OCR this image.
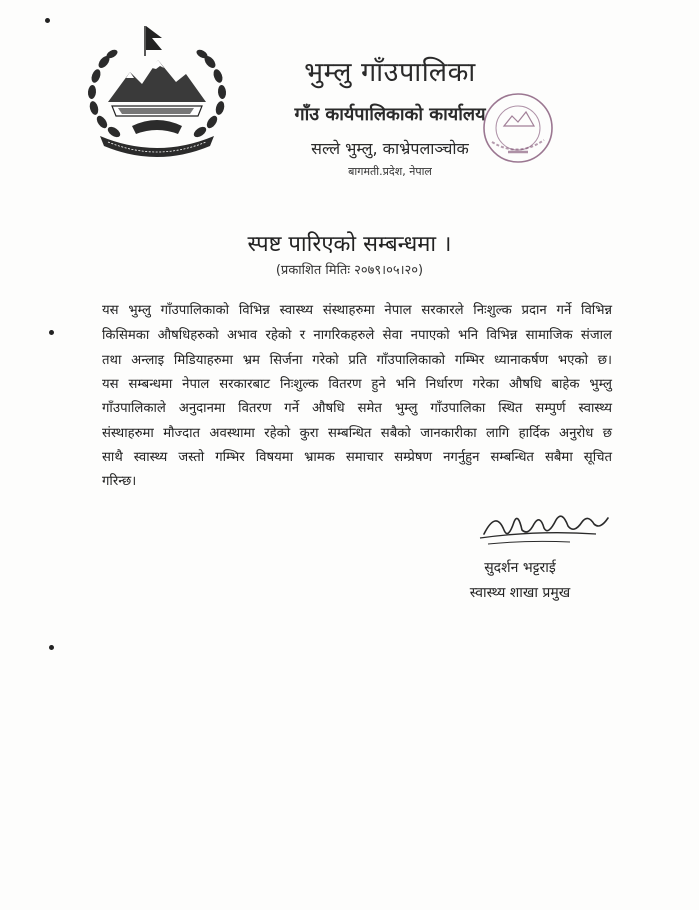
भुम्लु गाँउपालिका
गाँउ कार्यपालिकाको कार्यालय
सल्ले भुम्लु, काभ्रेपलाञ्चोक
बागमती.प्रदेश, नेपाल
स्पष्ट पारिएको सम्बन्धमा ।
(प्रकाशित मितिः २०७९।०५।२०)
यस भुम्लु गाँउपालिकाको विभिन्न स्वास्थ्य संस्थाहरुमा नेपाल सरकारले निःशुल्क प्रदान गर्ने विभिन्न
किसिमका औषधिहरुको अभाव रहेको र नागरिकहरुले सेवा नपाएको भनि विभिन्न सामाजिक संजाल
तथा अन्लाइ मिडियाहरुमा भ्रम सिर्जना गरेको प्रति गाँउपालिकाको गम्भिर ध्यानाकर्षण भएको छ।
यस सम्बन्धमा नेपाल सरकारबाट निःशुल्क वितरण हुने भनि निर्धारण गरेका औषधि बाहेक भुम्लु
गाँउपालिकाले अनुदानमा वितरण गर्ने औषधि समेत भुम्लु गाँउपालिका स्थित सम्पुर्ण स्वास्थ्य
संस्थाहरुमा मौज्दात अवस्थामा रहेको कुरा सम्बन्धित सबैको जानकारीका लागि हार्दिक अनुरोध छ
साथै स्वास्थ्य जस्तो गम्भिर विषयमा भ्रामक समाचार सम्प्रेषण नगर्नुहुन सम्बन्धित सबैमा सूचित
गरिन्छ।
सुदर्शन भट्टराई
स्वास्थ्य शाखा प्रमुख
